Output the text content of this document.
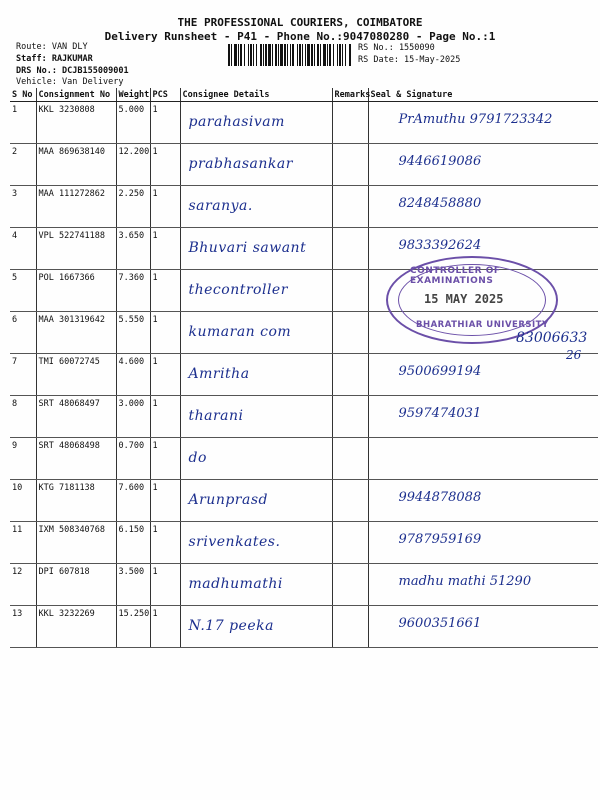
THE PROFESSIONAL COURIERS, COIMBATORE
Delivery Runsheet - P41 - Phone No.:9047080280 - Page No.:1
Route: VAN DLY
Staff: RAJKUMAR
DRS No.: DCJB155009001
Vehicle: Van Delivery
RS No.: 1550090
RS Date: 15-May-2025
S No	Consignment No	Weight	PCS	Consignee Details	Remarks	Seal & Signature
1	KKL 3230808	5.000	1	parahasivam		PrAmuthu 9791723342

2	MAA 869638140	12.200	1	prabhasankar		9446619086

3	MAA 111272862	2.250	1	saranya.		8248458880

4	VPL 522741188	3.650	1	Bhuvari sawant		9833392624

5	POL 1667366	7.360	1	thecontroller		

6	MAA 301319642	5.550	1	kumaran com		

7	TMI 60072745	4.600	1	Amritha		9500699194

8	SRT 48068497	3.000	1	tharani		9597474031

9	SRT 48068498	0.700	1	do		

10	KTG 7181138	7.600	1	Arunprasd		9944878088

11	IXM 508340768	6.150	1	srivenkates.		9787959169

12	DPI 607818	3.500	1	madhumathi		madhu mathi 51290

13	KKL 3232269	15.250	1	N.17 peeka		9600351661
CONTROLLER OF EXAMINATIONS
15 MAY 2025
BHARATHIAR UNIVERSITY
83006633
26
